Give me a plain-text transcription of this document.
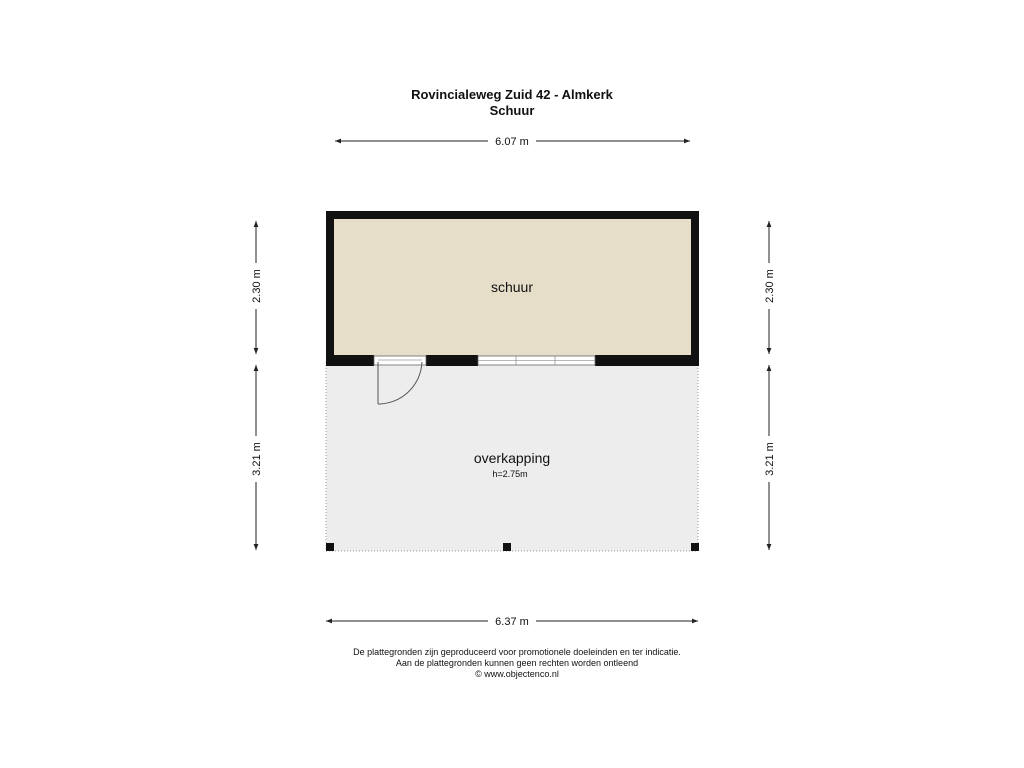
Rovincialeweg Zuid 42 - Almkerk
Schuur
6.07 m
schuur
overkapping
h=2.75m
2.30 m
3.21 m
2.30 m
3.21 m
6.37 m
De plattegronden zijn geproduceerd voor promotionele doeleinden en ter indicatie.
Aan de plattegronden kunnen geen rechten worden ontleend
© www.objectenco.nl
